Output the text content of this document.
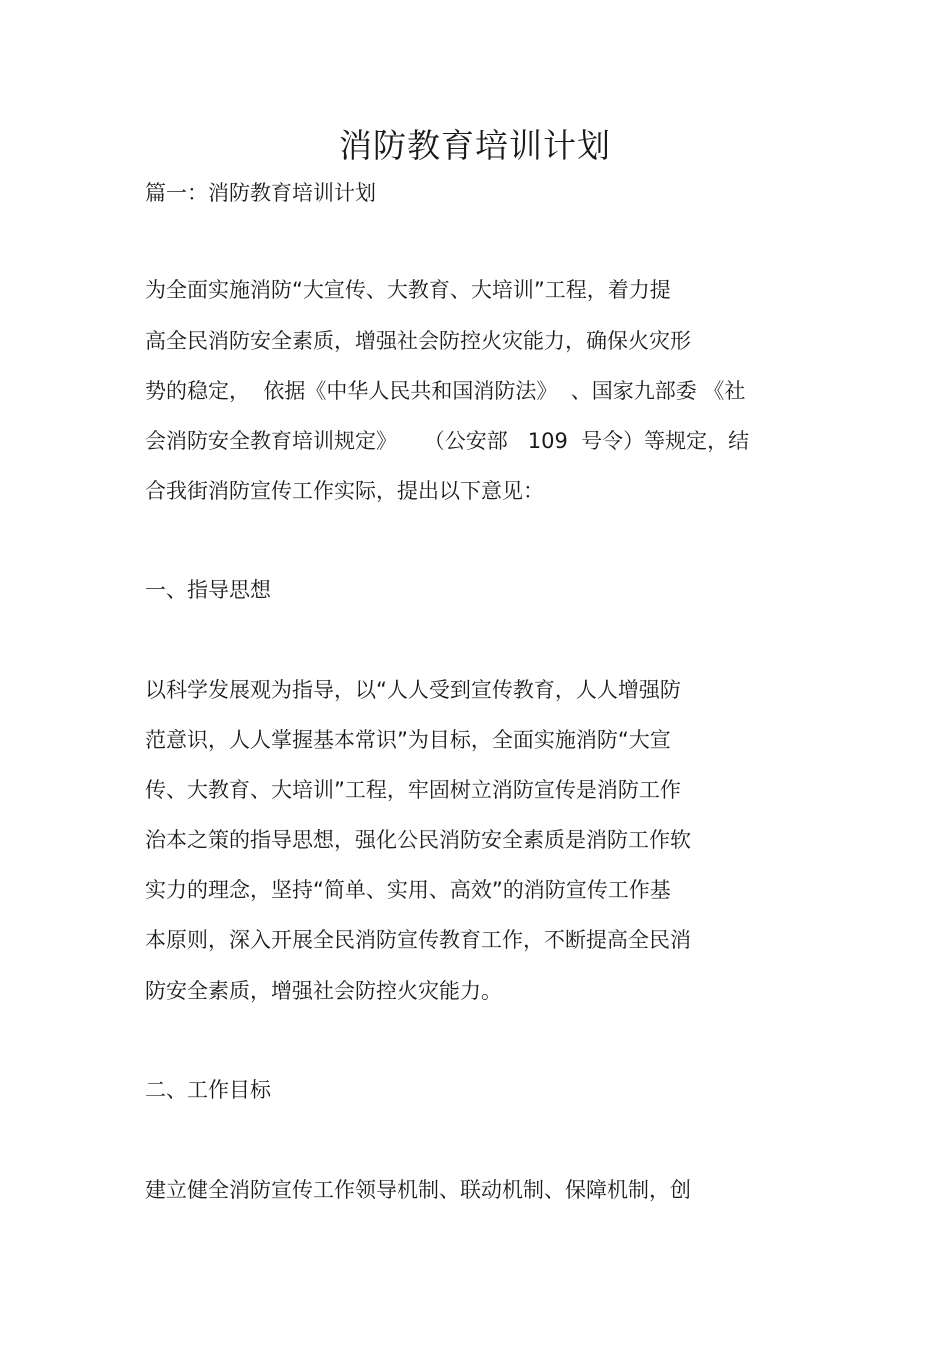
消防教育培训计划
篇一：消防教育培训计划
为全面实施消防“大宣传、大教育、大培训”工程，着力提
高全民消防安全素质，增强社会防控火灾能力，确保火灾形
势的稳定，  依据《中华人民共和国消防法》  、国家九部委 《社
会消防安全教育培训规定》    （公安部   109  号令）等规定，结
合我街消防宣传工作实际，提出以下意见：
一、指导思想
以科学发展观为指导，以“人人受到宣传教育，人人增强防
范意识，人人掌握基本常识”为目标，全面实施消防“大宣
传、大教育、大培训”工程，牢固树立消防宣传是消防工作
治本之策的指导思想，强化公民消防安全素质是消防工作软
实力的理念，坚持“简单、实用、高效”的消防宣传工作基
本原则，深入开展全民消防宣传教育工作，不断提高全民消
防安全素质，增强社会防控火灾能力。
二、工作目标
建立健全消防宣传工作领导机制、联动机制、保障机制，创
